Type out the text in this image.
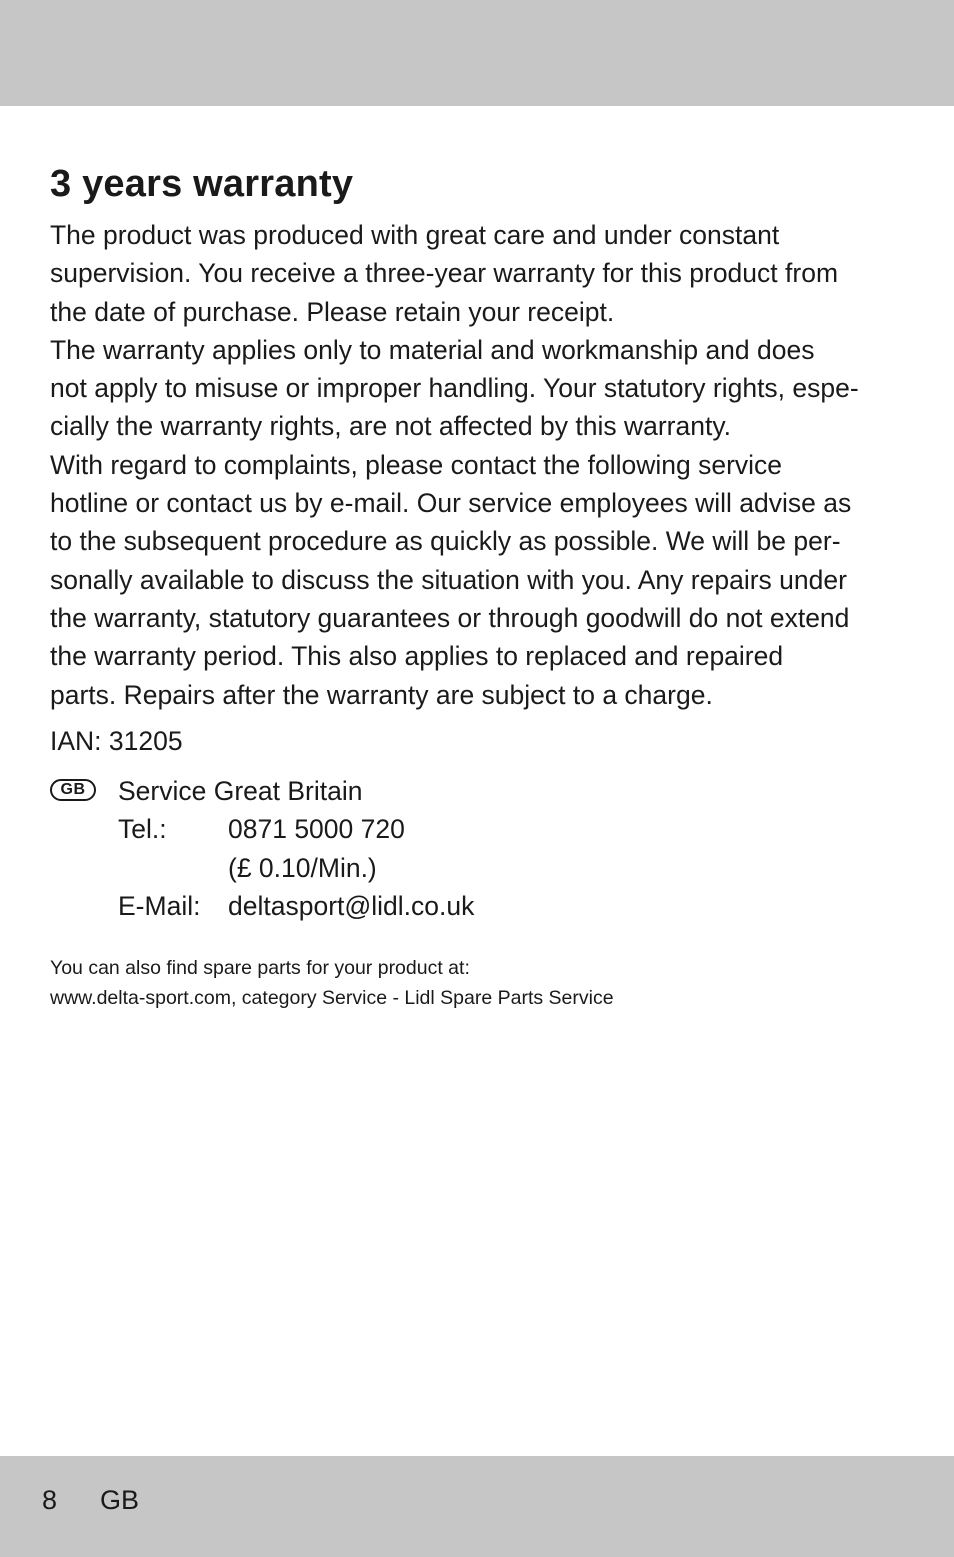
3 years warranty

The product was produced with great care and under constant

supervision. You receive a three-year warranty for this product from

the date of purchase. Please retain your receipt.

The warranty applies only to material and workmanship and does

not apply to misuse or improper handling. Your statutory rights, espe-

cially the warranty rights, are not affected by this warranty.

With regard to complaints, please contact the following service

hotline or contact us by e-mail. Our service employees will advise as

to the subsequent procedure as quickly as possible. We will be per-

sonally available to discuss the situation with you. Any repairs under

the warranty, statutory guarantees or through goodwill do not extend

the warranty period. This also applies to replaced and repaired

parts. Repairs after the warranty are subject to a charge.

IAN: 31205
GB	Service Great Britain
Tel.:	0871 5000 720
(£ 0.10/Min.)
E-Mail:	deltasport@lidl.co.uk

You can also find spare parts for your product at:

www.delta-sport.com, category Service - Lidl Spare Parts Service

8 GB
